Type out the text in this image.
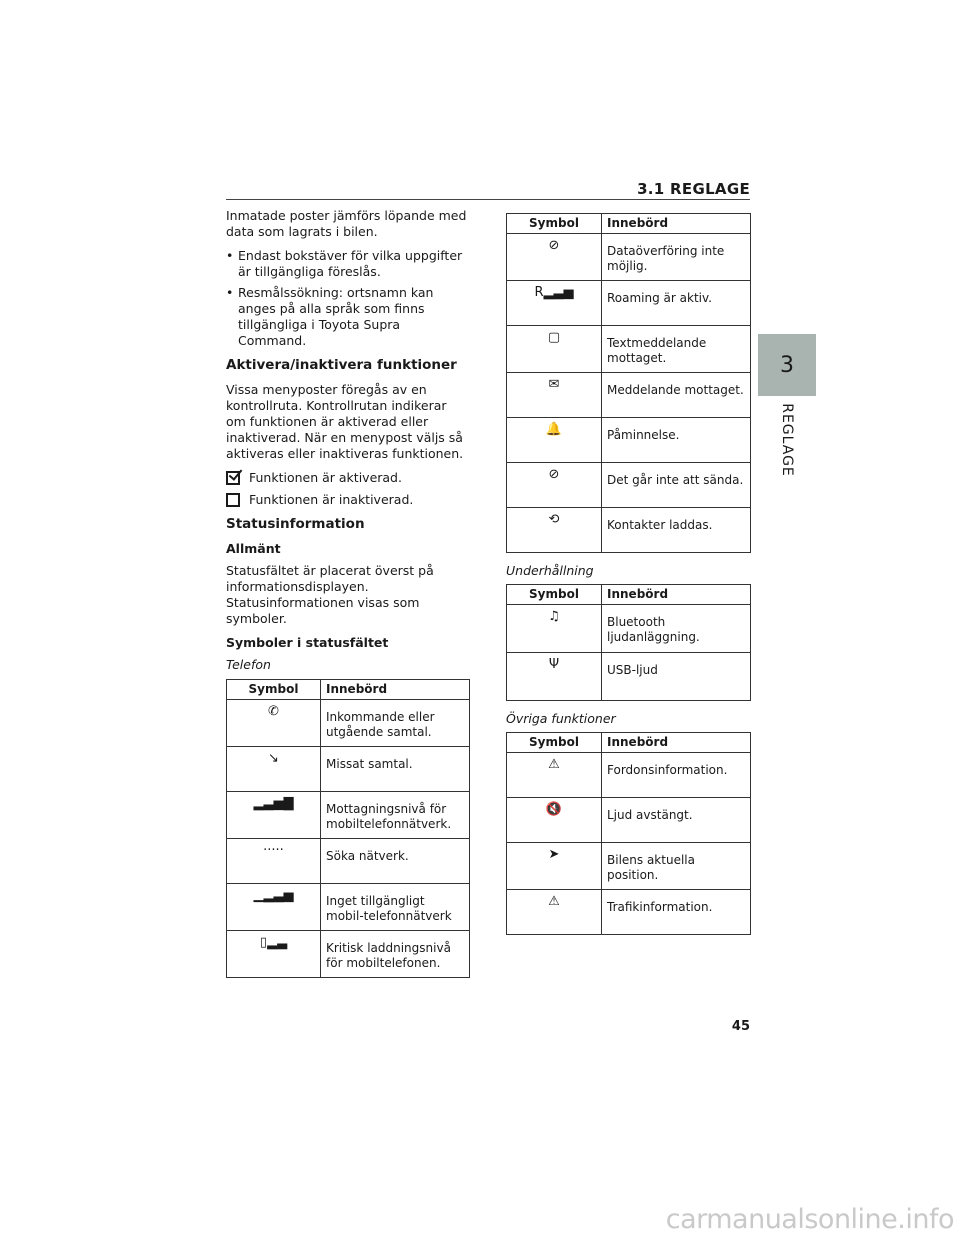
3.1 REGLAGE
3
REGLAGE

Inmatade poster jämförs löpande med data som lagrats i bilen.

• Endast bokstäver för vilka uppgifter är tillgängliga föreslås.
• Resmålssökning: ortsnamn kan anges på alla språk som finns tillgängliga i Toyota Supra Command.
Aktivera/inaktivera funktioner

Vissa menyposter föregås av en kontrollruta. Kontrollrutan indikerar om funktionen är aktiverad eller inaktiverad. När en menypost väljs så aktiveras eller inaktiveras funktionen.

Funktionen är aktiverad.
Funktionen är inaktiverad.
Statusinformation
Allmänt

Statusfältet är placerat överst på informationsdisplayen. Statusinformationen visas som symboler.

Symboler i statusfältet
Telefon
Symbol	Innebörd
✆	Inkommande eller utgående samtal.
↘	Missat samtal.
▂▃▅▇	Mottagningsnivå för mobiltelefonnätverk.
·····	Söka nätverk.
▁▂▃▅	Inget tillgängligt mobil-telefonnätverk
▯▂▃	Kritisk laddningsnivå för mobiltelefonen.
Symbol	Innebörd
⊘	Dataöverföring inte möjlig.
R▂▃▅	Roaming är aktiv.
▢	Textmeddelande mottaget.
✉	Meddelande mottaget.
🔔	Påminnelse.
⊘	Det går inte att sända.
⟲	Kontakter laddas.
Underhållning
Symbol	Innebörd
♫	Bluetooth ljudanläggning.
Ψ	USB-ljud
Övriga funktioner
Symbol	Innebörd
⚠	Fordonsinformation.
🔇	Ljud avstängt.
➤	Bilens aktuella position.
⚠	Trafikinformation.
45
carmanualsonline.info
